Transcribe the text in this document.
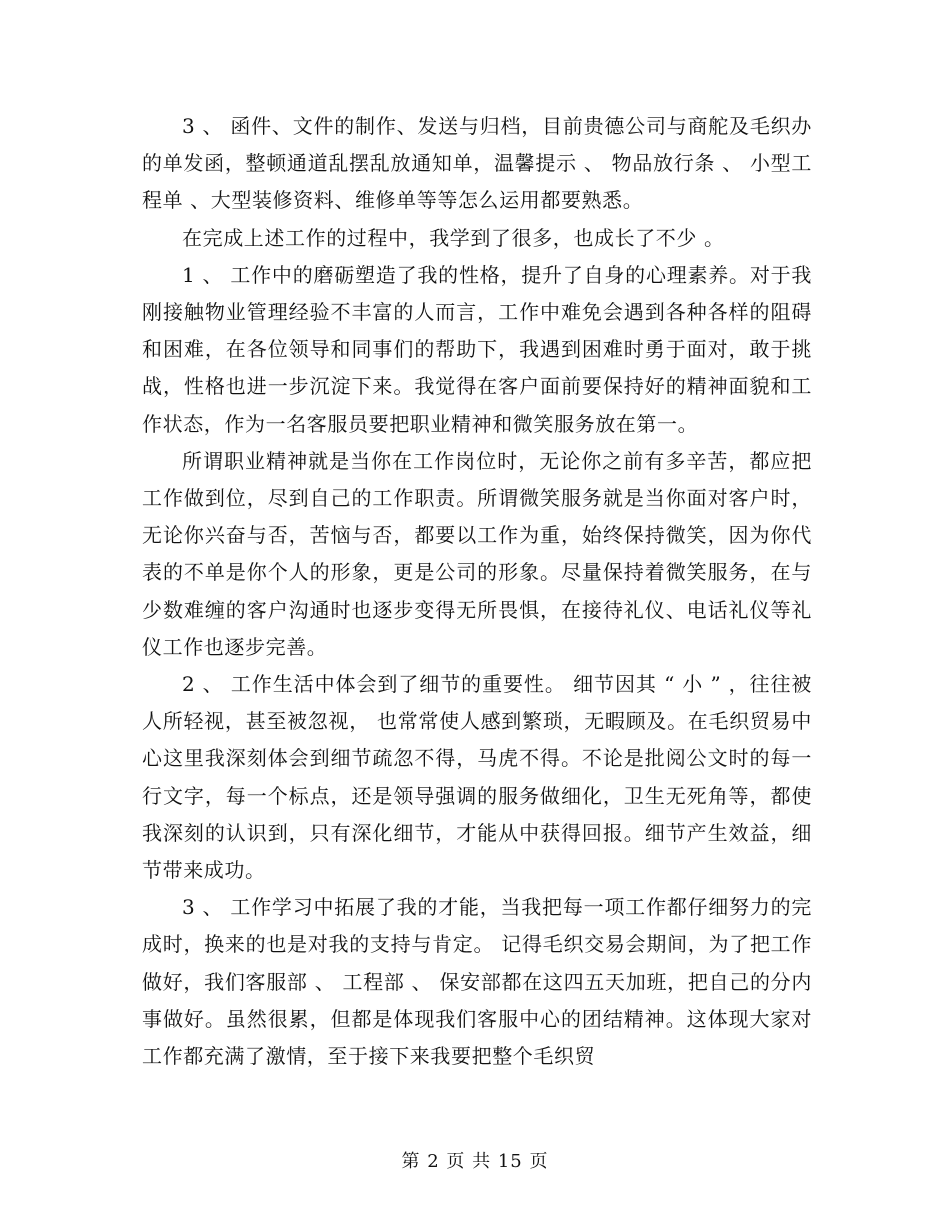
3 、 函件、文件的制作、发送与归档，目前贵德公司与商舵及毛织办的单发函，整顿通道乱摆乱放通知单，温馨提示 、 物品放行条 、 小型工程单 、大型装修资料、维修单等等怎么运用都要熟悉。

在完成上述工作的过程中，我学到了很多，也成长了不少 。

1 、 工作中的磨砺塑造了我的性格，提升了自身的心理素养。对于我刚接触物业管理经验不丰富的人而言，工作中难免会遇到各种各样的阻碍和困难，在各位领导和同事们的帮助下，我遇到困难时勇于面对，敢于挑战，性格也进一步沉淀下来。我觉得在客户面前要保持好的精神面貌和工作状态，作为一名客服员要把职业精神和微笑服务放在第一。

所谓职业精神就是当你在工作岗位时，无论你之前有多辛苦，都应把工作做到位，尽到自己的工作职责。所谓微笑服务就是当你面对客户时，无论你兴奋与否，苦恼与否，都要以工作为重，始终保持微笑，因为你代表的不单是你个人的形象，更是公司的形象。尽量保持着微笑服务，在与少数难缠的客户沟通时也逐步变得无所畏惧，在接待礼仪、电话礼仪等礼仪工作也逐步完善。

2 、 工作生活中体会到了细节的重要性。 细节因其 “ 小 ” ，往往被人所轻视，甚至被忽视， 也常常使人感到繁琐，无暇顾及。在毛织贸易中心这里我深刻体会到细节疏忽不得，马虎不得。不论是批阅公文时的每一行文字，每一个标点，还是领导强调的服务做细化，卫生无死角等，都使我深刻的认识到，只有深化细节，才能从中获得回报。细节产生效益，细节带来成功。

3 、 工作学习中拓展了我的才能，当我把每一项工作都仔细努力的完成时，换来的也是对我的支持与肯定。 记得毛织交易会期间，为了把工作做好，我们客服部 、 工程部 、 保安部都在这四五天加班，把自己的分内事做好。虽然很累，但都是体现我们客服中心的团结精神。这体现大家对工作都充满了激情，至于接下来我要把整个毛织贸

第 2 页 共 15 页
